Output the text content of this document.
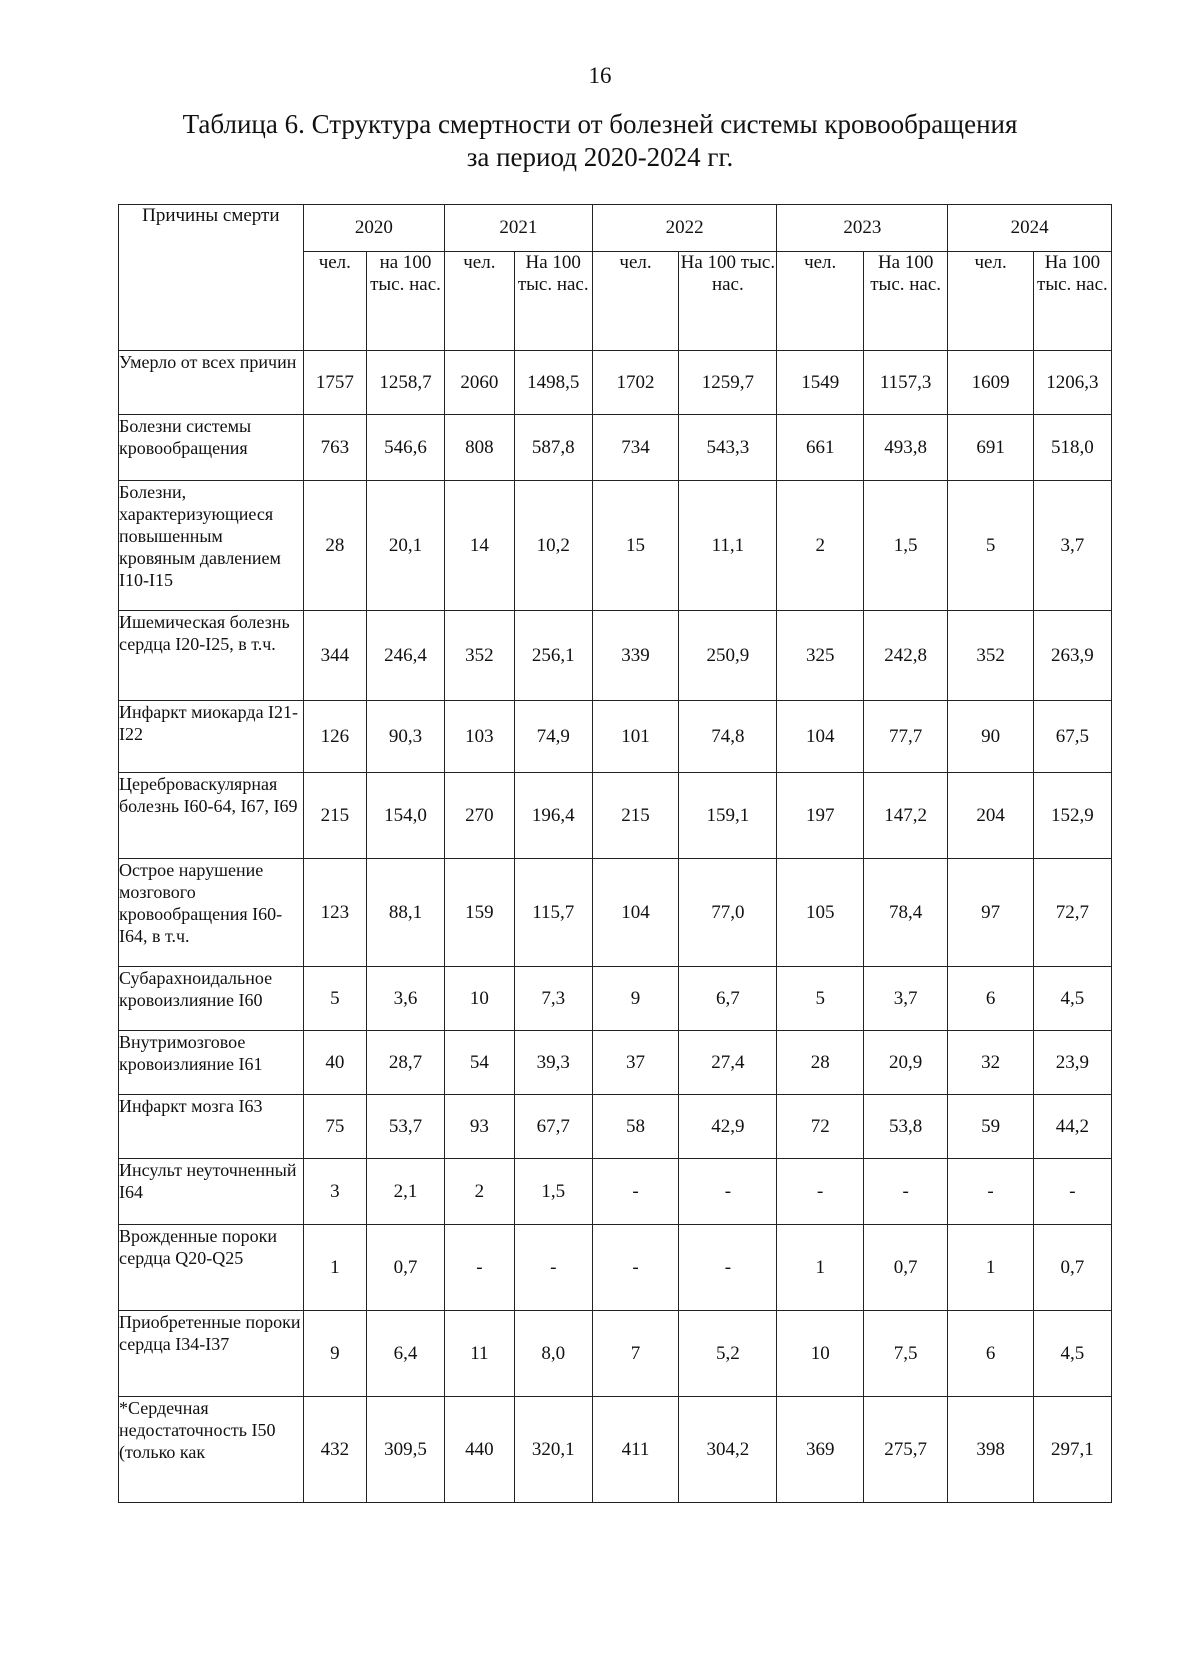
16
Таблица 6. Структура смертности от болезней системы кровообращения
за период 2020-2024 гг.
Причины смерти	2020		2021		2022		2023		2024	
	чел.	на 100 тыс. нас.	чел.	На 100 тыс. нас.	чел.	На 100 тыс. нас.	чел.	На 100 тыс. нас.	чел.	На 100 тыс. нас.
Умерло от всех причин	1757	1258,7	2060	1498,5	1702	1259,7	1549	1157,3	1609	1206,3
Болезни системы кровообращения	763	546,6	808	587,8	734	543,3	661	493,8	691	518,0
Болезни, характеризующиеся повышенным кровяным давлением I10-I15	28	20,1	14	10,2	15	11,1	2	1,5	5	3,7
Ишемическая болезнь сердца I20-I25, в т.ч.	344	246,4	352	256,1	339	250,9	325	242,8	352	263,9
Инфаркт миокарда I21-I22	126	90,3	103	74,9	101	74,8	104	77,7	90	67,5
Цереброваскулярная болезнь I60-64, I67, I69	215	154,0	270	196,4	215	159,1	197	147,2	204	152,9
Острое нарушение мозгового кровообращения I60-I64, в т.ч.	123	88,1	159	115,7	104	77,0	105	78,4	97	72,7
Субарахноидальное кровоизлияние I60	5	3,6	10	7,3	9	6,7	5	3,7	6	4,5
Внутримозговое кровоизлияние I61	40	28,7	54	39,3	37	27,4	28	20,9	32	23,9
Инфаркт мозга I63	75	53,7	93	67,7	58	42,9	72	53,8	59	44,2
Инсульт неуточненный I64	3	2,1	2	1,5	-	-	-	-	-	-
Врожденные пороки сердца Q20-Q25	1	0,7	-	-	-	-	1	0,7	1	0,7
Приобретенные пороки сердца I34-I37	9	6,4	11	8,0	7	5,2	10	7,5	6	4,5
*Сердечная недостаточность I50 (только как	432	309,5	440	320,1	411	304,2	369	275,7	398	297,1
